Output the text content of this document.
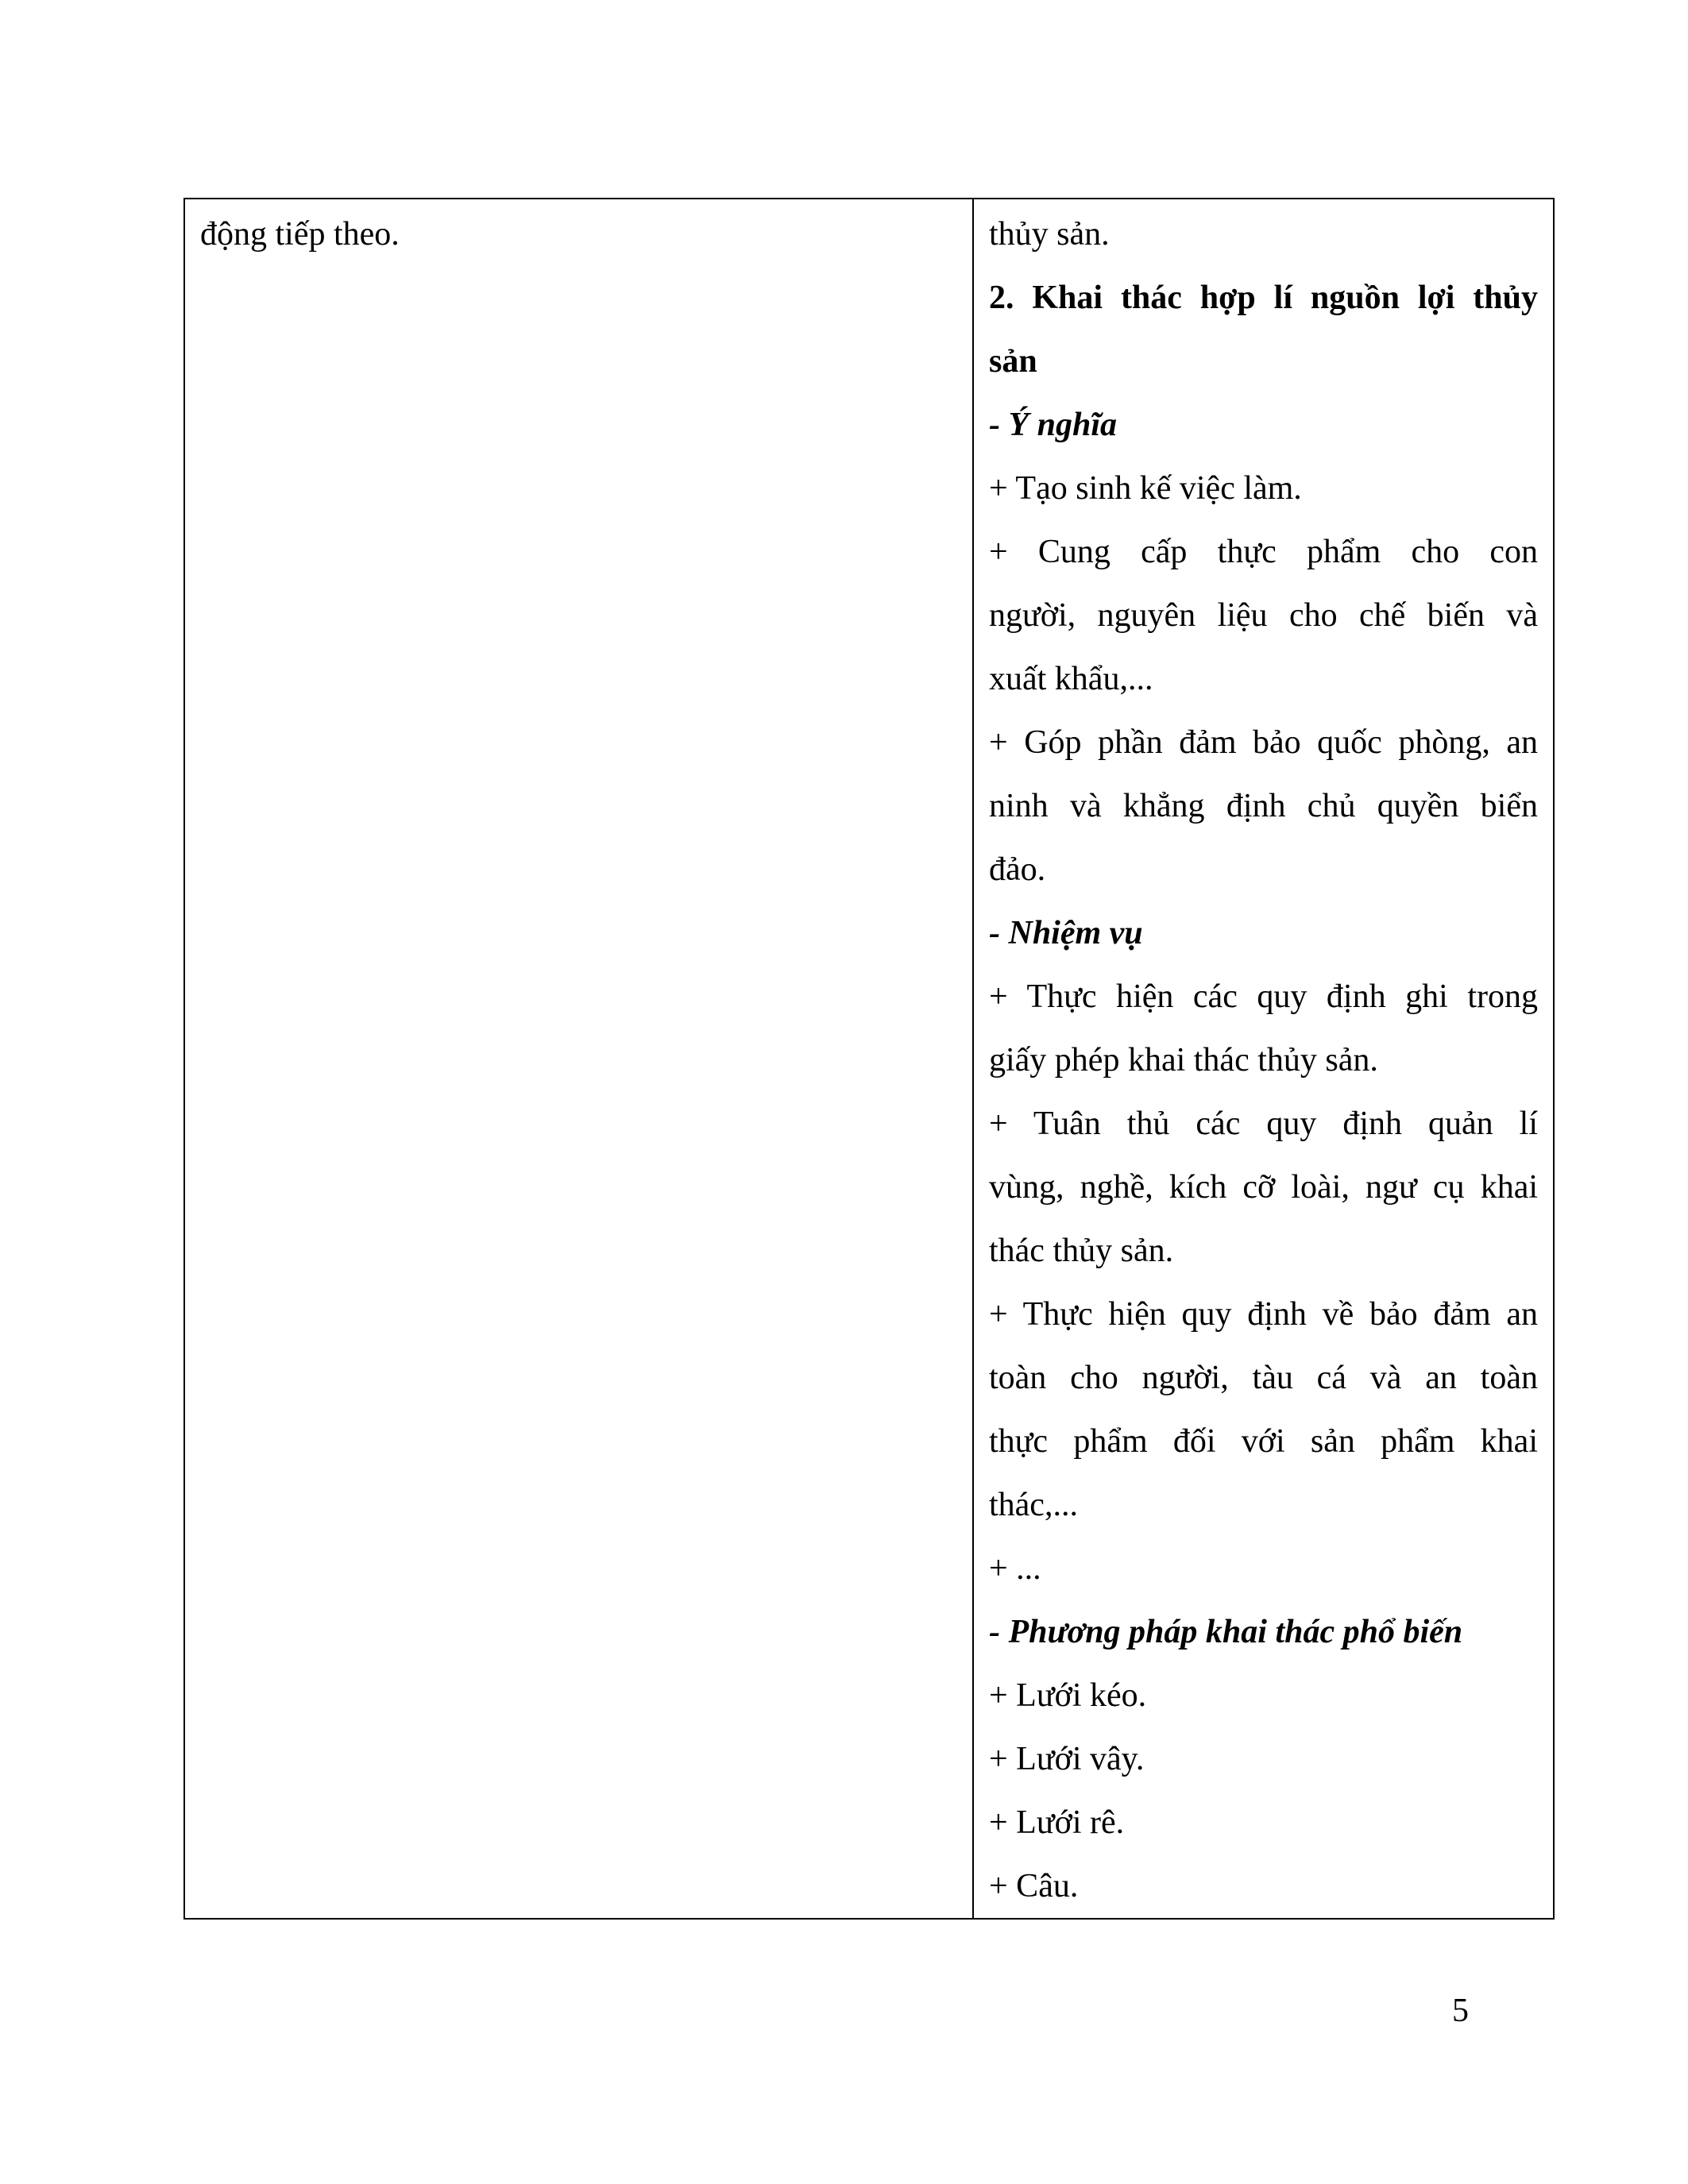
động tiếp theo.	thủy sản.
2. Khai thác hợp lí nguồn lợi thủy
sản
- Ý nghĩa
+ Tạo sinh kế việc làm.
+ Cung cấp thực phẩm cho con
người, nguyên liệu cho chế biến và
xuất khẩu,...
+ Góp phần đảm bảo quốc phòng, an
ninh và khẳng định chủ quyền biển
đảo.
- Nhiệm vụ
+ Thực hiện các quy định ghi trong
giấy phép khai thác thủy sản.
+ Tuân thủ các quy định quản lí
vùng, nghề, kích cỡ loài, ngư cụ khai
thác thủy sản.
+ Thực hiện quy định về bảo đảm an
toàn cho người, tàu cá và an toàn
thực phẩm đối với sản phẩm khai
thác,...
+ ...
- Phương pháp khai thác phổ biến
+ Lưới kéo.
+ Lưới vây.
+ Lưới rê.
+ Câu.
5
